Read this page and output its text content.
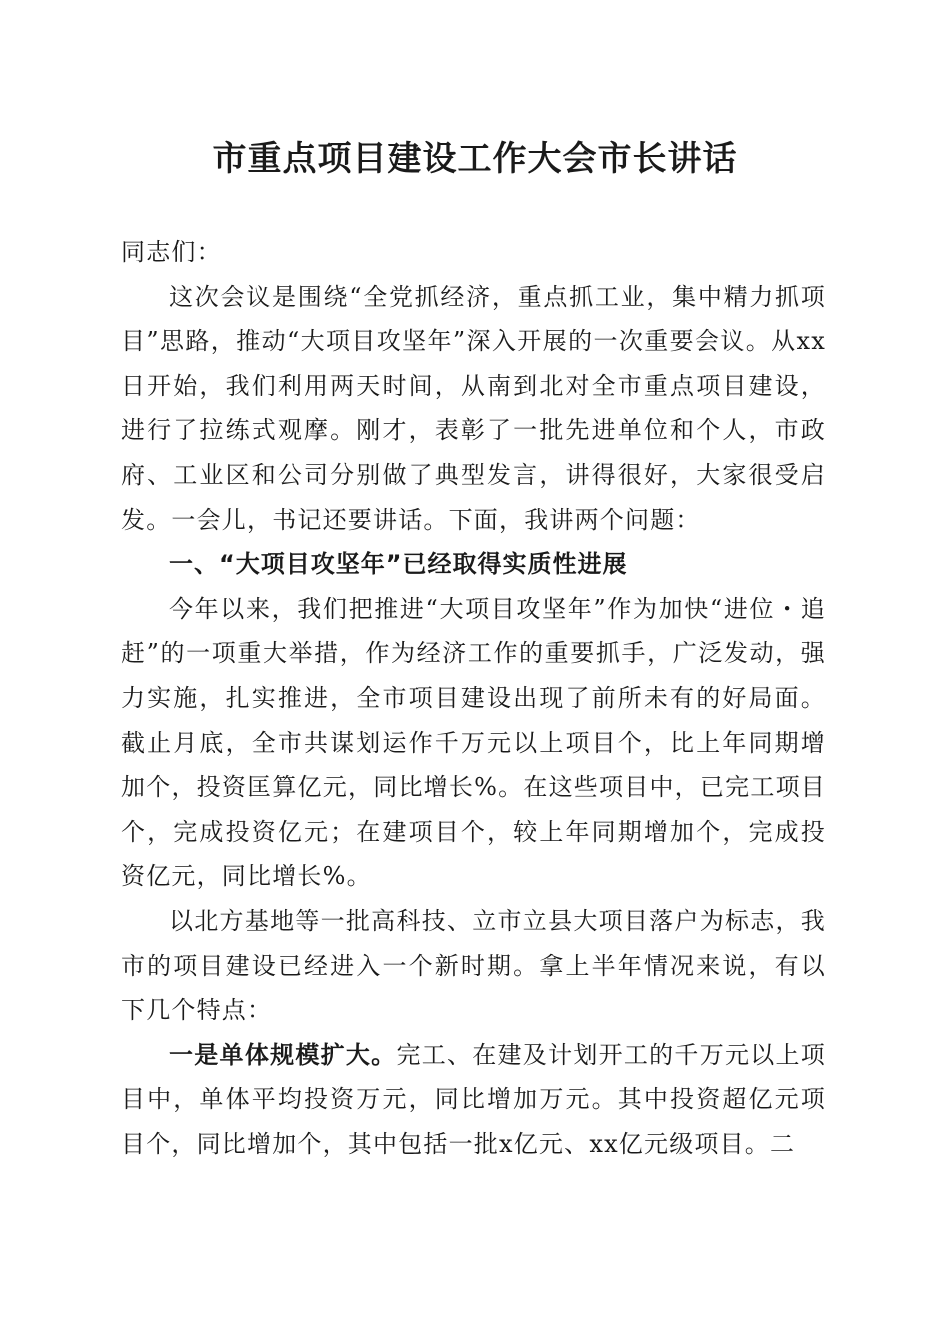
市重点项目建设工作大会市长讲话

同志们：

这次会议是围绕“全党抓经济，重点抓工业，集中精力抓项目”思路，推动“大项目攻坚年”深入开展的一次重要会议。从xx日开始，我们利用两天时间，从南到北对全市重点项目建设，进行了拉练式观摩。刚才，表彰了一批先进单位和个人，市政府、工业区和公司分别做了典型发言，讲得很好，大家很受启发。一会儿，书记还要讲话。下面，我讲两个问题：

一、“大项目攻坚年”已经取得实质性进展

今年以来，我们把推进“大项目攻坚年”作为加快“进位・追赶”的一项重大举措，作为经济工作的重要抓手，广泛发动，强力实施，扎实推进，全市项目建设出现了前所未有的好局面。截止月底，全市共谋划运作千万元以上项目个，比上年同期增加个，投资匡算亿元，同比增长%。在这些项目中，已完工项目个，完成投资亿元；在建项目个，较上年同期增加个，完成投资亿元，同比增长%。

以北方基地等一批高科技、立市立县大项目落户为标志，我市的项目建设已经进入一个新时期。拿上半年情况来说，有以下几个特点：

一是单体规模扩大。完工、在建及计划开工的千万元以上项目中，单体平均投资万元，同比增加万元。其中投资超亿元项目个，同比增加个，其中包括一批x亿元、xx亿元级项目。二
